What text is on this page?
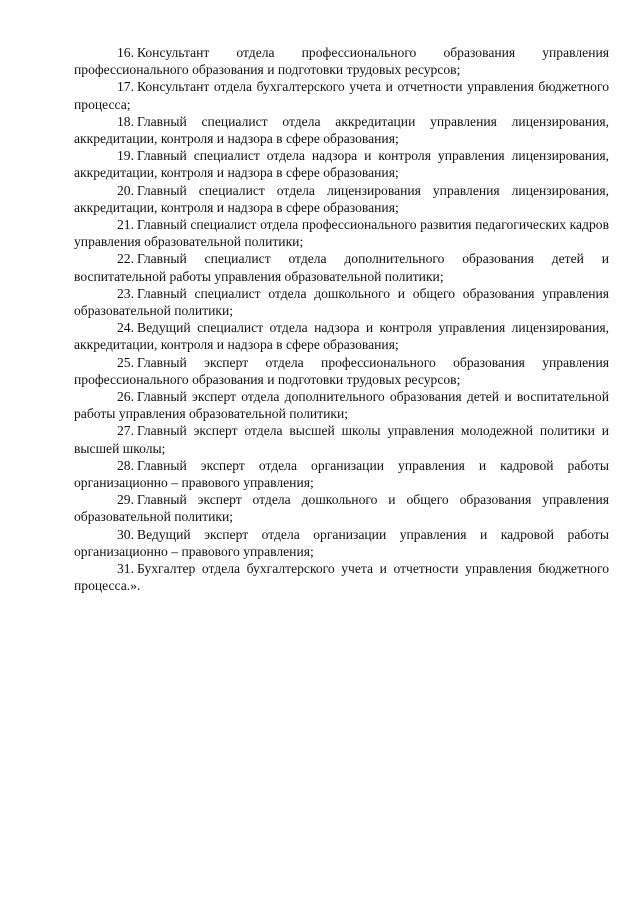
16. Консультант отдела профессионального образования управления профессионального образования и подготовки трудовых ресурсов;

17. Консультант отдела бухгалтерского учета и отчетности управления бюджетного процесса;

18. Главный специалист отдела аккредитации управления лицензирования, аккредитации, контроля и надзора в сфере образования;

19. Главный специалист отдела надзора и контроля управления лицензирования, аккредитации, контроля и надзора в сфере образования;

20. Главный специалист отдела лицензирования управления лицензирования, аккредитации, контроля и надзора в сфере образования;

21. Главный специалист отдела профессионального развития педагогических кадров управления образовательной политики;

22. Главный специалист отдела дополнительного образования детей и воспитательной работы управления образовательной политики;

23. Главный специалист отдела дошкольного и общего образования управления образовательной политики;

24. Ведущий специалист отдела надзора и контроля управления лицензирования, аккредитации, контроля и надзора в сфере образования;

25. Главный эксперт отдела профессионального образования управления профессионального образования и подготовки трудовых ресурсов;

26. Главный эксперт отдела дополнительного образования детей и воспитательной работы управления образовательной политики;

27. Главный эксперт отдела высшей школы управления молодежной политики и высшей школы;

28. Главный эксперт отдела организации управления и кадровой работы организационно – правового управления;

29. Главный эксперт отдела дошкольного и общего образования управления образовательной политики;

30. Ведущий эксперт отдела организации управления и кадровой работы организационно – правового управления;

31. Бухгалтер отдела бухгалтерского учета и отчетности управления бюджетного процесса.».
